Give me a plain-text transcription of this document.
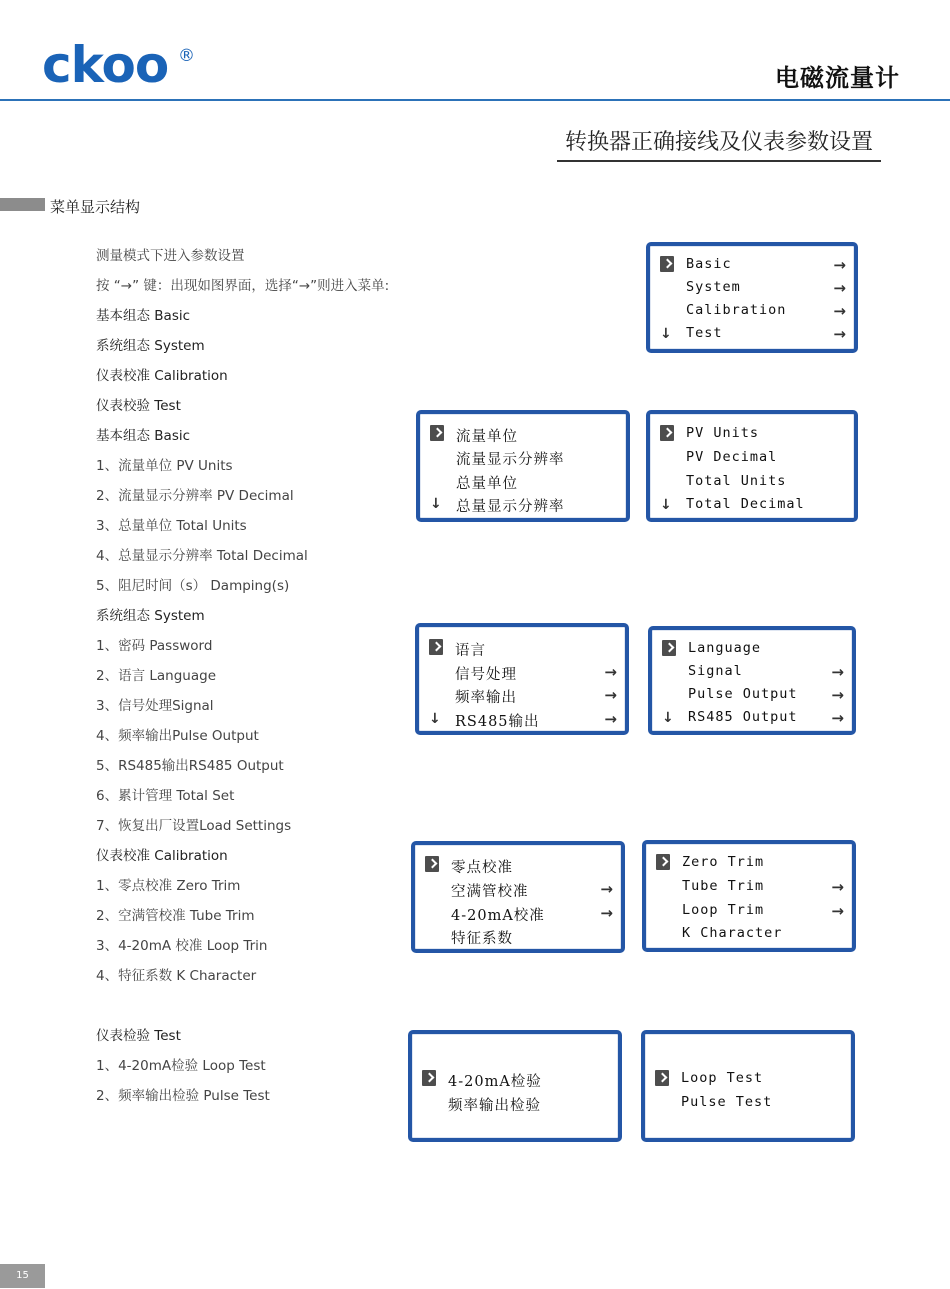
ckoo ®
电磁流量计
转换器正确接线及仪表参数设置
菜单显示结构
测量模式下进入参数设置
按 “→” 键：出现如图界面，选择“→”则进入菜单:
基本组态 Basic
系统组态 System
仪表校准 Calibration
仪表校验 Test
基本组态 Basic
1、流量单位 PV Units
2、流量显示分辨率 PV Decimal
3、总量单位 Total Units
4、总量显示分辨率 Total Decimal
5、阻尼时间（s） Damping(s)
系统组态 System
1、密码 Password
2、语言 Language
3、信号处理Signal
4、频率输出Pulse Output
5、RS485输出RS485 Output
6、累计管理 Total Set
7、恢复出厂设置Load Settings
仪表校准 Calibration
1、零点校准 Zero Trim
2、空满管校准 Tube Trim
3、4-20mA 校准 Loop Trin
4、特征系数 K Character
仪表检验 Test
1、4-20mA检验 Loop Test
2、频率输出检验 Pulse Test
Basic	→
System	→
Calibration	→
↓ Test	→
流量单位
流量显示分辨率
总量单位
↓ 总量显示分辨率
PV Units
PV Decimal
Total Units
↓ Total Decimal
语言
信号处理	→
频率输出	→
↓ RS485输出	→
Language
Signal	→
Pulse Output →
↓ RS485 Output →
零点校准
空满管校准	→
4-20mA校准	→
特征系数
Zero Trim
Tube Trim	→
Loop Trim	→
K Character
4-20mA检验
频率输出检验
Loop Test
Pulse Test
15
